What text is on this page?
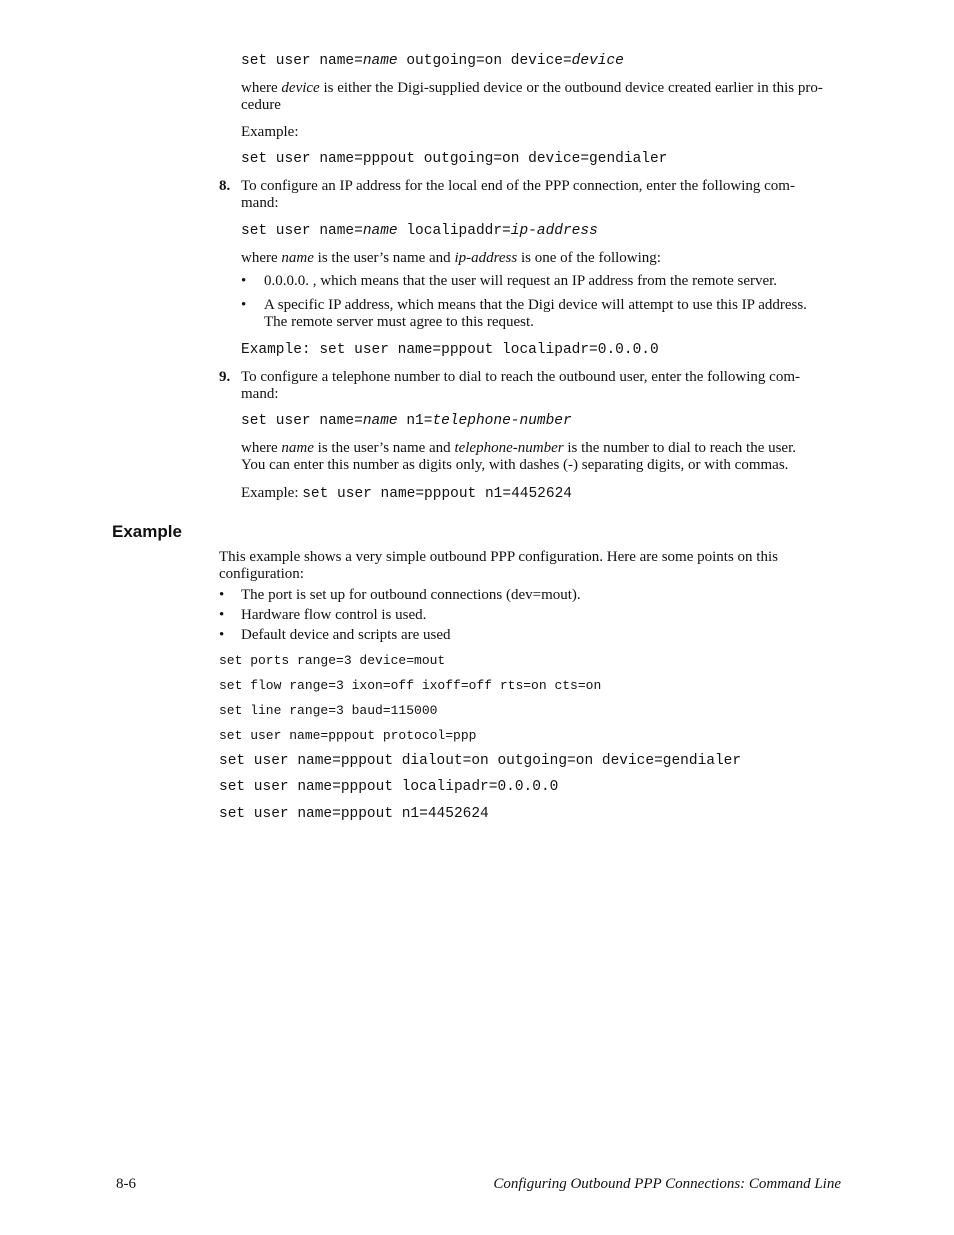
set user name=name outgoing=on device=device
where device is either the Digi-supplied device or the outbound device created earlier in this pro-
cedure
Example:
set user name=pppout outgoing=on device=gendialer
8. To configure an IP address for the local end of the PPP connection, enter the following com-
mand:
set user name=name localipaddr=ip-address
where name is the user’s name and ip-address is one of the following:
• 0.0.0.0. , which means that the user will request an IP address from the remote server.
• A specific IP address, which means that the Digi device will attempt to use this IP address.
The remote server must agree to this request.
Example: set user name=pppout localipadr=0.0.0.0
9. To configure a telephone number to dial to reach the outbound user, enter the following com-
mand:
set user name=name n1=telephone-number
where name is the user’s name and telephone-number is the number to dial to reach the user.
You can enter this number as digits only, with dashes (-) separating digits, or with commas.
Example: set user name=pppout n1=4452624
Example
This example shows a very simple outbound PPP configuration. Here are some points on this
configuration:
• The port is set up for outbound connections (dev=mout).
• Hardware flow control is used.
• Default device and scripts are used
set ports range=3 device=mout
set flow range=3 ixon=off ixoff=off rts=on cts=on
set line range=3 baud=115000
set user name=pppout protocol=ppp
set user name=pppout dialout=on outgoing=on device=gendialer
set user name=pppout localipadr=0.0.0.0
set user name=pppout n1=4452624
8-6	Configuring Outbound PPP Connections: Command Line
